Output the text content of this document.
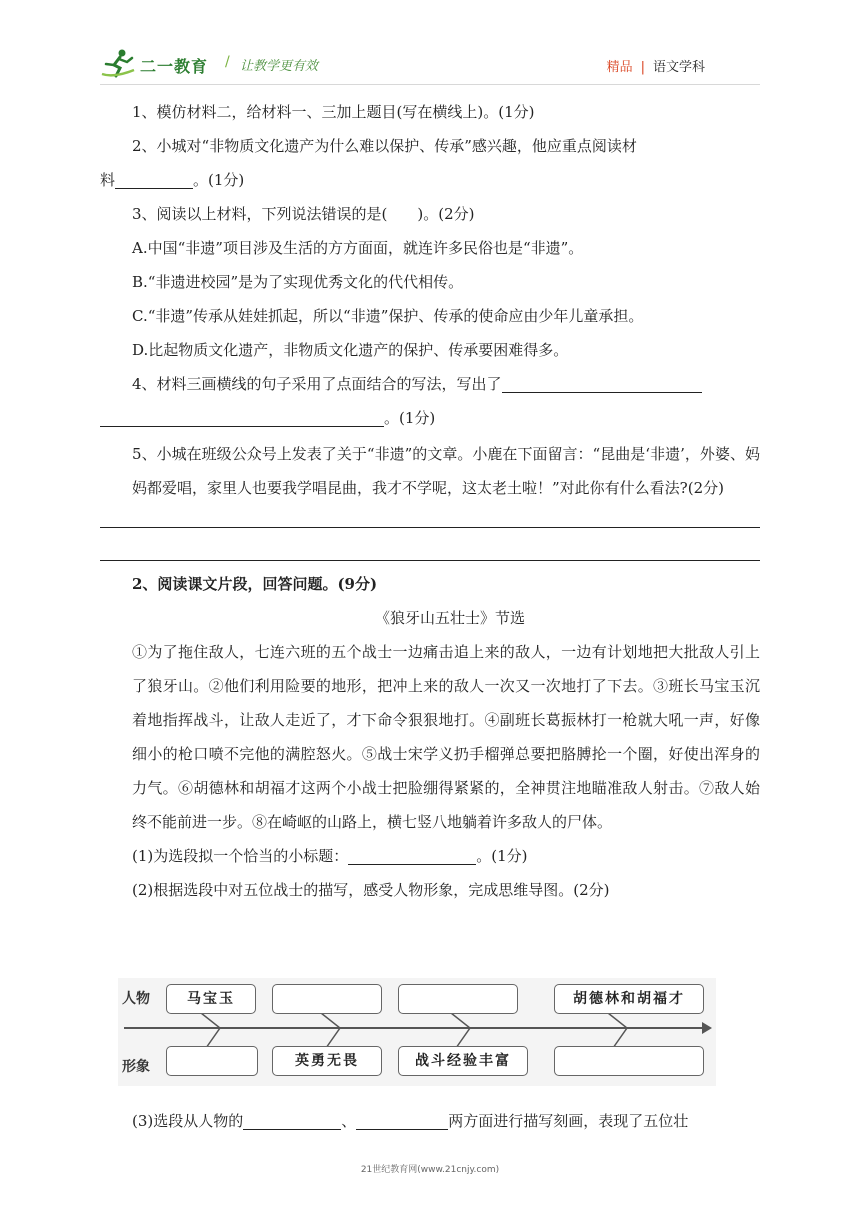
二一教育 / 让教学更有效	精品 | 语文学科

1、模仿材料二，给材料一、三加上题目(写在横线上)。(1分)

2、小城对“非物质文化遗产为什么难以保护、传承”感兴趣，他应重点阅读材

料	。(1分)

3、阅读以上材料，下列说法错误的是(　　)。(2分)

A.中国“非遗”项目涉及生活的方方面面，就连许多民俗也是“非遗”。

B.“非遗进校园”是为了实现优秀文化的代代相传。

C.“非遗”传承从娃娃抓起，所以“非遗”保护、传承的使命应由少年儿童承担。

D.比起物质文化遗产，非物质文化遗产的保护、传承要困难得多。

4、材料三画横线的句子采用了点面结合的写法，写出了

。(1分)

5、小城在班级公众号上发表了关于“非遗”的文章。小鹿在下面留言：“昆曲是‘非遗’，外婆、妈妈都爱唱，家里人也要我学唱昆曲，我才不学呢，这太老土啦！”对此你有什么看法?(2分)

2、阅读课文片段，回答问题。(9分)

《狼牙山五壮士》节选

①为了拖住敌人，七连六班的五个战士一边痛击追上来的敌人，一边有计划地把大批敌人引上了狼牙山。②他们利用险要的地形，把冲上来的敌人一次又一次地打了下去。③班长马宝玉沉着地指挥战斗，让敌人走近了，才下命令狠狠地打。④副班长葛振林打一枪就大吼一声，好像细小的枪口喷不完他的满腔怒火。⑤战士宋学义扔手榴弹总要把胳膊抡一个圈，好使出浑身的力气。⑥胡德林和胡福才这两个小战士把脸绷得紧紧的，全神贯注地瞄准敌人射击。⑦敌人始终不能前进一步。⑧在崎岖的山路上，横七竖八地躺着许多敌人的尸体。

(1)为选段拟一个恰当的小标题：	。(1分)

(2)根据选段中对五位战士的描写，感受人物形象，完成思维导图。(2分)

人物
形象
马宝玉	胡德林和胡福才
英勇无畏	战斗经验丰富
(3)选段从人物的	、	两方面进行描写刻画，表现了五位壮
21世纪教育网(www.21cnjy.com)
